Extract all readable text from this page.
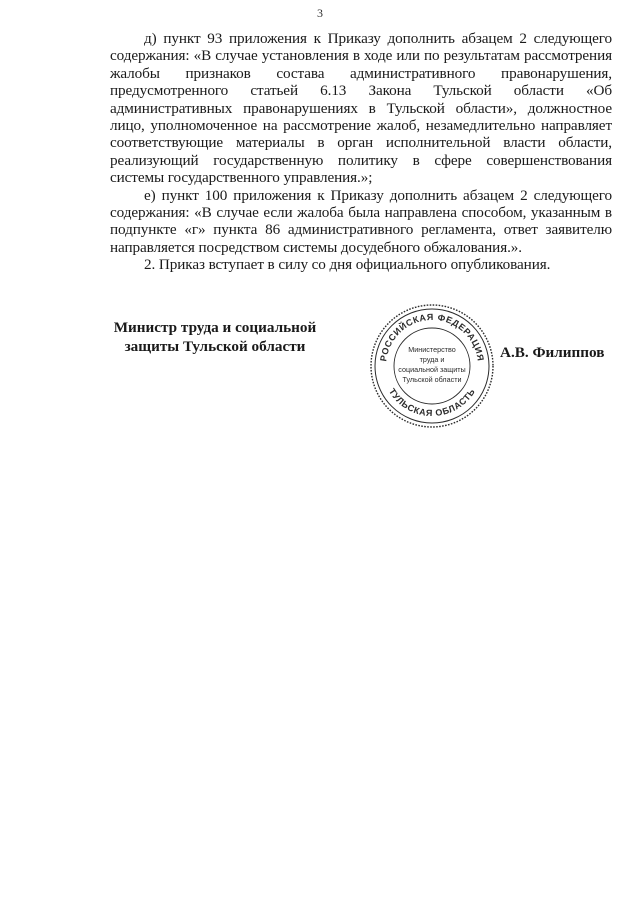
3

д) пункт 93 приложения к Приказу дополнить абзацем 2 следующего содержания: «В случае установления в ходе или по результатам рассмотрения жалобы признаков состава административного правонарушения, предусмотренного статьей 6.13 Закона Тульской области «Об административных правонарушениях в Тульской области», должностное лицо, уполномоченное на рассмотрение жалоб, незамедлительно направляет соответствующие материалы в орган исполнительной власти области, реализующий государственную политику в сфере совершенствования системы государственного управления.»;

е) пункт 100 приложения к Приказу дополнить абзацем 2 следующего содержания: «В случае если жалоба была направлена способом, указанным в подпункте «г» пункта 86 административного регламента, ответ заявителю направляется посредством системы досудебного обжалования.».

2. Приказ вступает в силу со дня официального опубликования.

Министр труда и социальной
защиты Тульской области
РОССИЙСКАЯ ФЕДЕРАЦИЯ
ТУЛЬСКАЯ ОБЛАСТЬ
Министерство
труда и
социальной защиты
Тульской области
А.В. Филиппов
